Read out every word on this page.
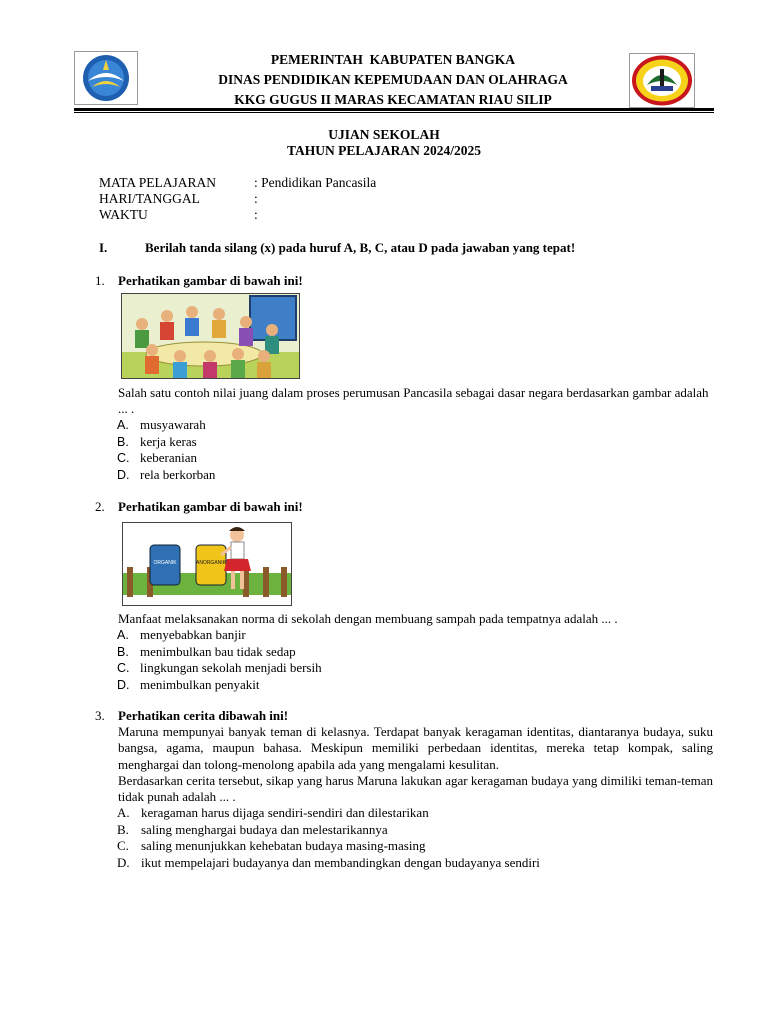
PEMERINTAH  KABUPATEN BANGKA
DINAS PENDIDIKAN KEPEMUDAAN DAN OLAHRAGA
KKG GUGUS II MARAS KECAMATAN RIAU SILIP
UJIAN SEKOLAH
TAHUN PELAJARAN 2024/2025
MATA PELAJARAN	: Pendidikan Pancasila
HARI/TANGGAL	:
WAKTU	:
I.	Berilah tanda silang (x) pada huruf A, B, C, atau D pada jawaban yang tepat!
1. Perhatikan gambar di bawah ini!
Salah satu contoh nilai juang dalam proses perumusan Pancasila sebagai dasar negara berdasarkan gambar adalah ... .
A. musyawarah
B. kerja keras
C. keberanian
D. rela berkorban
2. Perhatikan gambar di bawah ini!
ORGANIK	ANORGANIK
Manfaat melaksanakan norma di sekolah dengan membuang sampah pada tempatnya adalah ... .
A. menyebabkan banjir
B. menimbulkan bau tidak sedap
C. lingkungan sekolah menjadi bersih
D. menimbulkan penyakit
3. Perhatikan cerita dibawah ini!
Maruna mempunyai banyak teman di kelasnya. Terdapat banyak keragaman identitas, diantaranya budaya, suku bangsa, agama, maupun bahasa. Meskipun memiliki perbedaan identitas, mereka tetap kompak, saling menghargai dan tolong-menolong apabila ada yang mengalami kesulitan.
Berdasarkan cerita tersebut, sikap yang harus Maruna lakukan agar keragaman budaya yang dimiliki teman-teman tidak punah adalah ... .
A. keragaman harus dijaga sendiri-sendiri dan dilestarikan
B. saling menghargai budaya dan melestarikannya
C. saling menunjukkan kehebatan budaya masing-masing
D. ikut mempelajari budayanya dan membandingkan dengan budayanya sendiri
